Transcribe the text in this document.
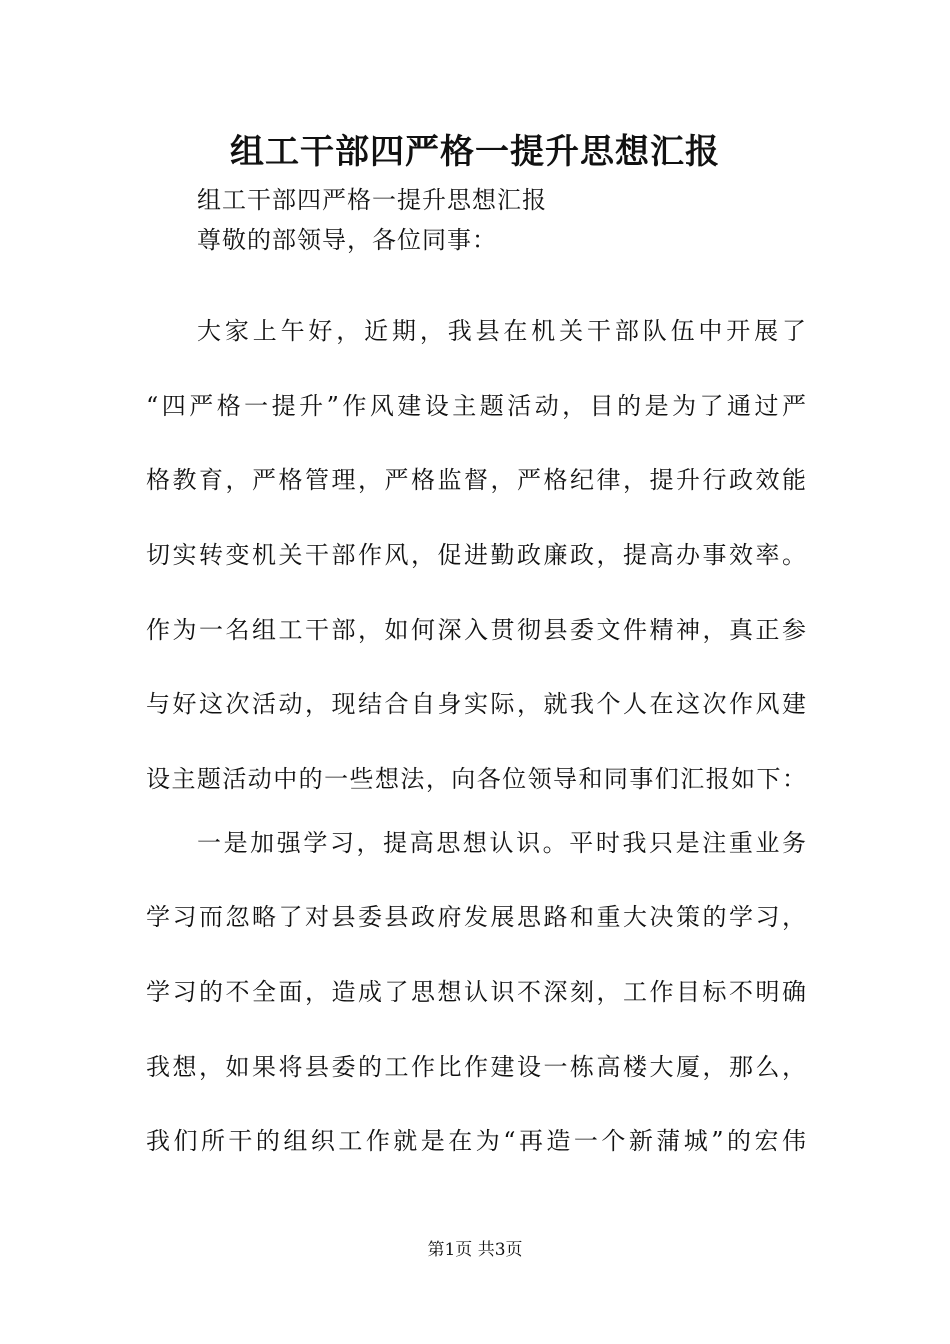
组工干部四严格一提升思想汇报

组工干部四严格一提升思想汇报

尊敬的部领导，各位同事：

大家上午好，近期，我县在机关干部队伍中开展了

“四严格一提升”作风建设主题活动，目的是为了通过严

格教育，严格管理，严格监督，严格纪律，提升行政效能

切实转变机关干部作风，促进勤政廉政，提高办事效率。

作为一名组工干部，如何深入贯彻县委文件精神，真正参

与好这次活动，现结合自身实际，就我个人在这次作风建

设主题活动中的一些想法，向各位领导和同事们汇报如下：

一是加强学习，提高思想认识。平时我只是注重业务

学习而忽略了对县委县政府发展思路和重大决策的学习，

学习的不全面，造成了思想认识不深刻，工作目标不明确

我想，如果将县委的工作比作建设一栋高楼大厦，那么，

我们所干的组织工作就是在为“再造一个新蒲城”的宏伟

第1页 共3页
